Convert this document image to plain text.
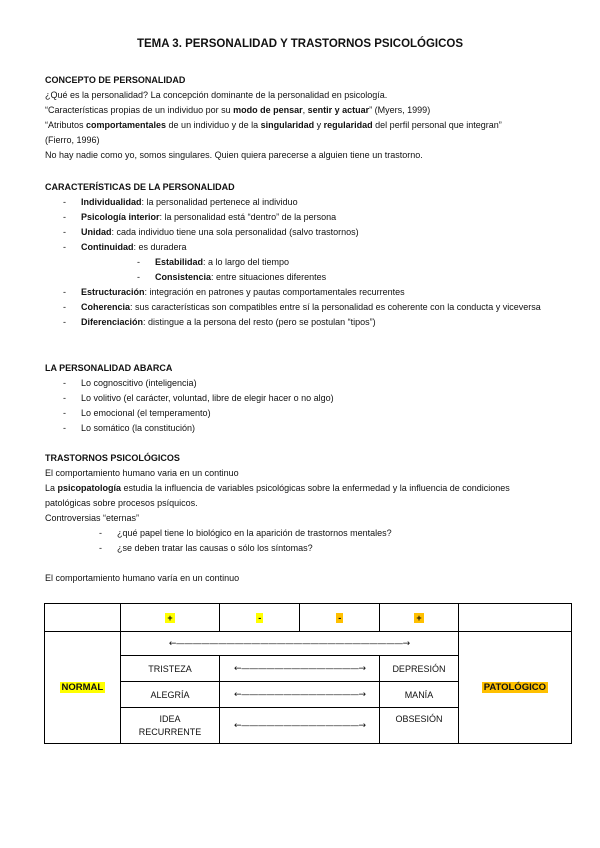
TEMA 3. PERSONALIDAD Y TRASTORNOS PSICOLÓGICOS
CONCEPTO DE PERSONALIDAD
¿Qué es la personalidad? La concepción dominante de la personalidad en psicología.
“Características propias de un individuo por su modo de pensar, sentir y actuar” (Myers, 1999)
“Atributos comportamentales de un individuo y de la singularidad y regularidad del perfil personal que integran”
(Fierro, 1996)
No hay nadie como yo, somos singulares. Quien quiera parecerse a alguien tiene un trastorno.
CARACTERÍSTICAS DE LA PERSONALIDAD
- Individualidad: la personalidad pertenece al individuo
- Psicología interior: la personalidad está “dentro” de la persona
- Unidad: cada individuo tiene una sola personalidad (salvo trastornos)
- Continuidad: es duradera
- Estabilidad: a lo largo del tiempo
- Consistencia: entre situaciones diferentes
- Estructuración: integración en patrones y pautas comportamentales recurrentes
- Coherencia: sus características son compatibles entre sí la personalidad es coherente con la conducta y viceversa
- Diferenciación: distingue a la persona del resto (pero se postulan “tipos”)
LA PERSONALIDAD ABARCA
- Lo cognoscitivo (inteligencia)
- Lo volitivo (el carácter, voluntad, libre de elegir hacer o no algo)
- Lo emocional (el temperamento)
- Lo somático (la constitución)
TRASTORNOS PSICOLÓGICOS
El comportamiento humano varia en un continuo
La psicopatología estudia la influencia de variables psicológicas sobre la enfermedad y la influencia de condiciones patológicas sobre procesos psíquicos.
Controversias “eternas”
- ¿qué papel tiene lo biológico en la aparición de trastornos mentales?
- ¿se deben tratar las causas o sólo los síntomas?
El comportamiento humano varía en un continuo
	+	-	-	+	
NORMAL	←———————————————————————————→				PATOLÓGICO
	TRISTEZA	←——————————————→		DEPRESIÓN	
	ALEGRÍA	←——————————————→		MANÍA	
	IDEA RECURRENTE	←——————————————→		OBSESIÓN	
